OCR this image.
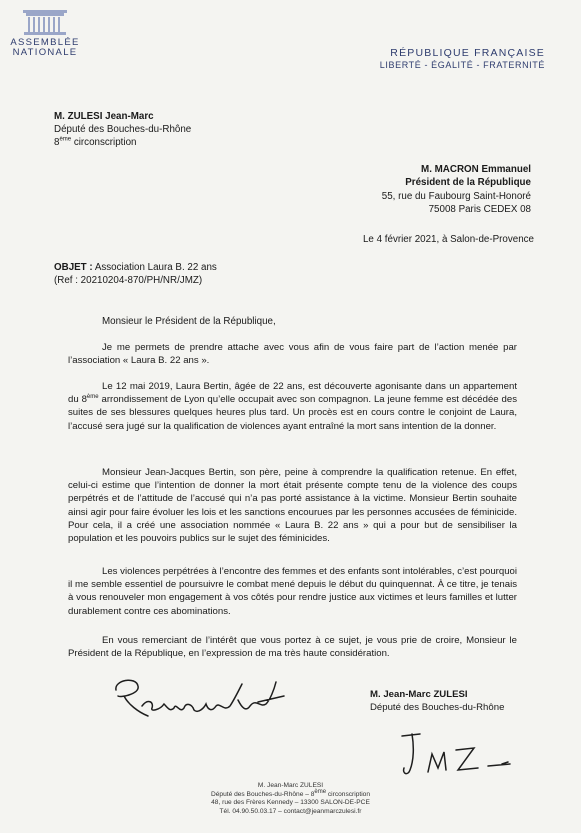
ASSEMBLÉE
NATIONALE	RÉPUBLIQUE FRANÇAISE
LIBERTÉ - ÉGALITÉ - FRATERNITÉ
M. ZULESI Jean-Marc
Député des Bouches-du-Rhône
8ème circonscription
M. MACRON Emmanuel
Président de la République
55, rue du Faubourg Saint-Honoré
75008 Paris CEDEX 08
Le 4 février 2021, à Salon-de-Provence
OBJET : Association Laura B. 22 ans
(Ref : 20210204-870/PH/NR/JMZ)
Monsieur le Président de la République,
Je me permets de prendre attache avec vous afin de vous faire part de l’action menée par l’association « Laura B. 22 ans ».
Le 12 mai 2019, Laura Bertin, âgée de 22 ans, est découverte agonisante dans un appartement du 8ème arrondissement de Lyon qu’elle occupait avec son compagnon. La jeune femme est décédée des suites de ses blessures quelques heures plus tard. Un procès est en cours contre le conjoint de Laura, l’accusé sera jugé sur la qualification de violences ayant entraîné la mort sans intention de la donner.
Monsieur Jean-Jacques Bertin, son père, peine à comprendre la qualification retenue. En effet, celui-ci estime que l’intention de donner la mort était présente compte tenu de la violence des coups perpétrés et de l’attitude de l’accusé qui n’a pas porté assistance à la victime. Monsieur Bertin souhaite ainsi agir pour faire évoluer les lois et les sanctions encourues par les personnes accusées de féminicide. Pour cela, il a créé une association nommée « Laura B. 22 ans » qui a pour but de sensibiliser la population et les pouvoirs publics sur le sujet des féminicides.
Les violences perpétrées à l’encontre des femmes et des enfants sont intolérables, c’est pourquoi il me semble essentiel de poursuivre le combat mené depuis le début du quinquennat. À ce titre, je tenais à vous renouveler mon engagement à vos côtés pour rendre justice aux victimes et leurs familles et lutter durablement contre ces abominations.
En vous remerciant de l’intérêt que vous portez à ce sujet, je vous prie de croire, Monsieur le Président de la République, en l’expression de ma très haute considération.
M. Jean-Marc ZULESI
Député des Bouches-du-Rhône
M. Jean-Marc ZULESI
Député des Bouches-du-Rhône – 8ème circonscription
48, rue des Frères Kennedy – 13300 SALON-DE-PCE
Tél. 04.90.50.03.17 – contact@jeanmarczulesi.fr
